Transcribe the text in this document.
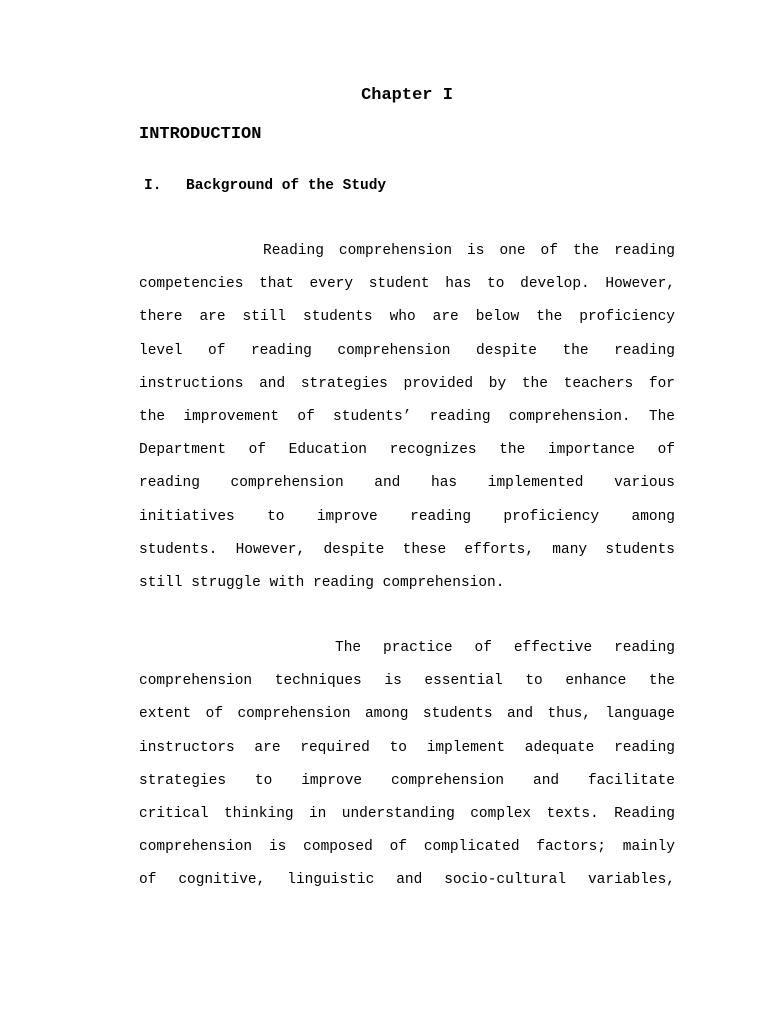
Chapter I
INTRODUCTION
I. Background of the Study
Reading comprehension is one of the reading
competencies that every student has to develop. However,
there are still students who are below the proficiency
level of reading comprehension despite the reading
instructions and strategies provided by the teachers for
the improvement of students’ reading comprehension. The
Department of Education recognizes the importance of
reading comprehension and has implemented various
initiatives to improve reading proficiency among
students. However, despite these efforts, many students
still struggle with reading comprehension.
The practice of effective reading
comprehension techniques is essential to enhance the
extent of comprehension among students and thus, language
instructors are required to implement adequate reading
strategies to improve comprehension and facilitate
critical thinking in understanding complex texts. Reading
comprehension is composed of complicated factors; mainly
of cognitive, linguistic and socio-cultural variables,
